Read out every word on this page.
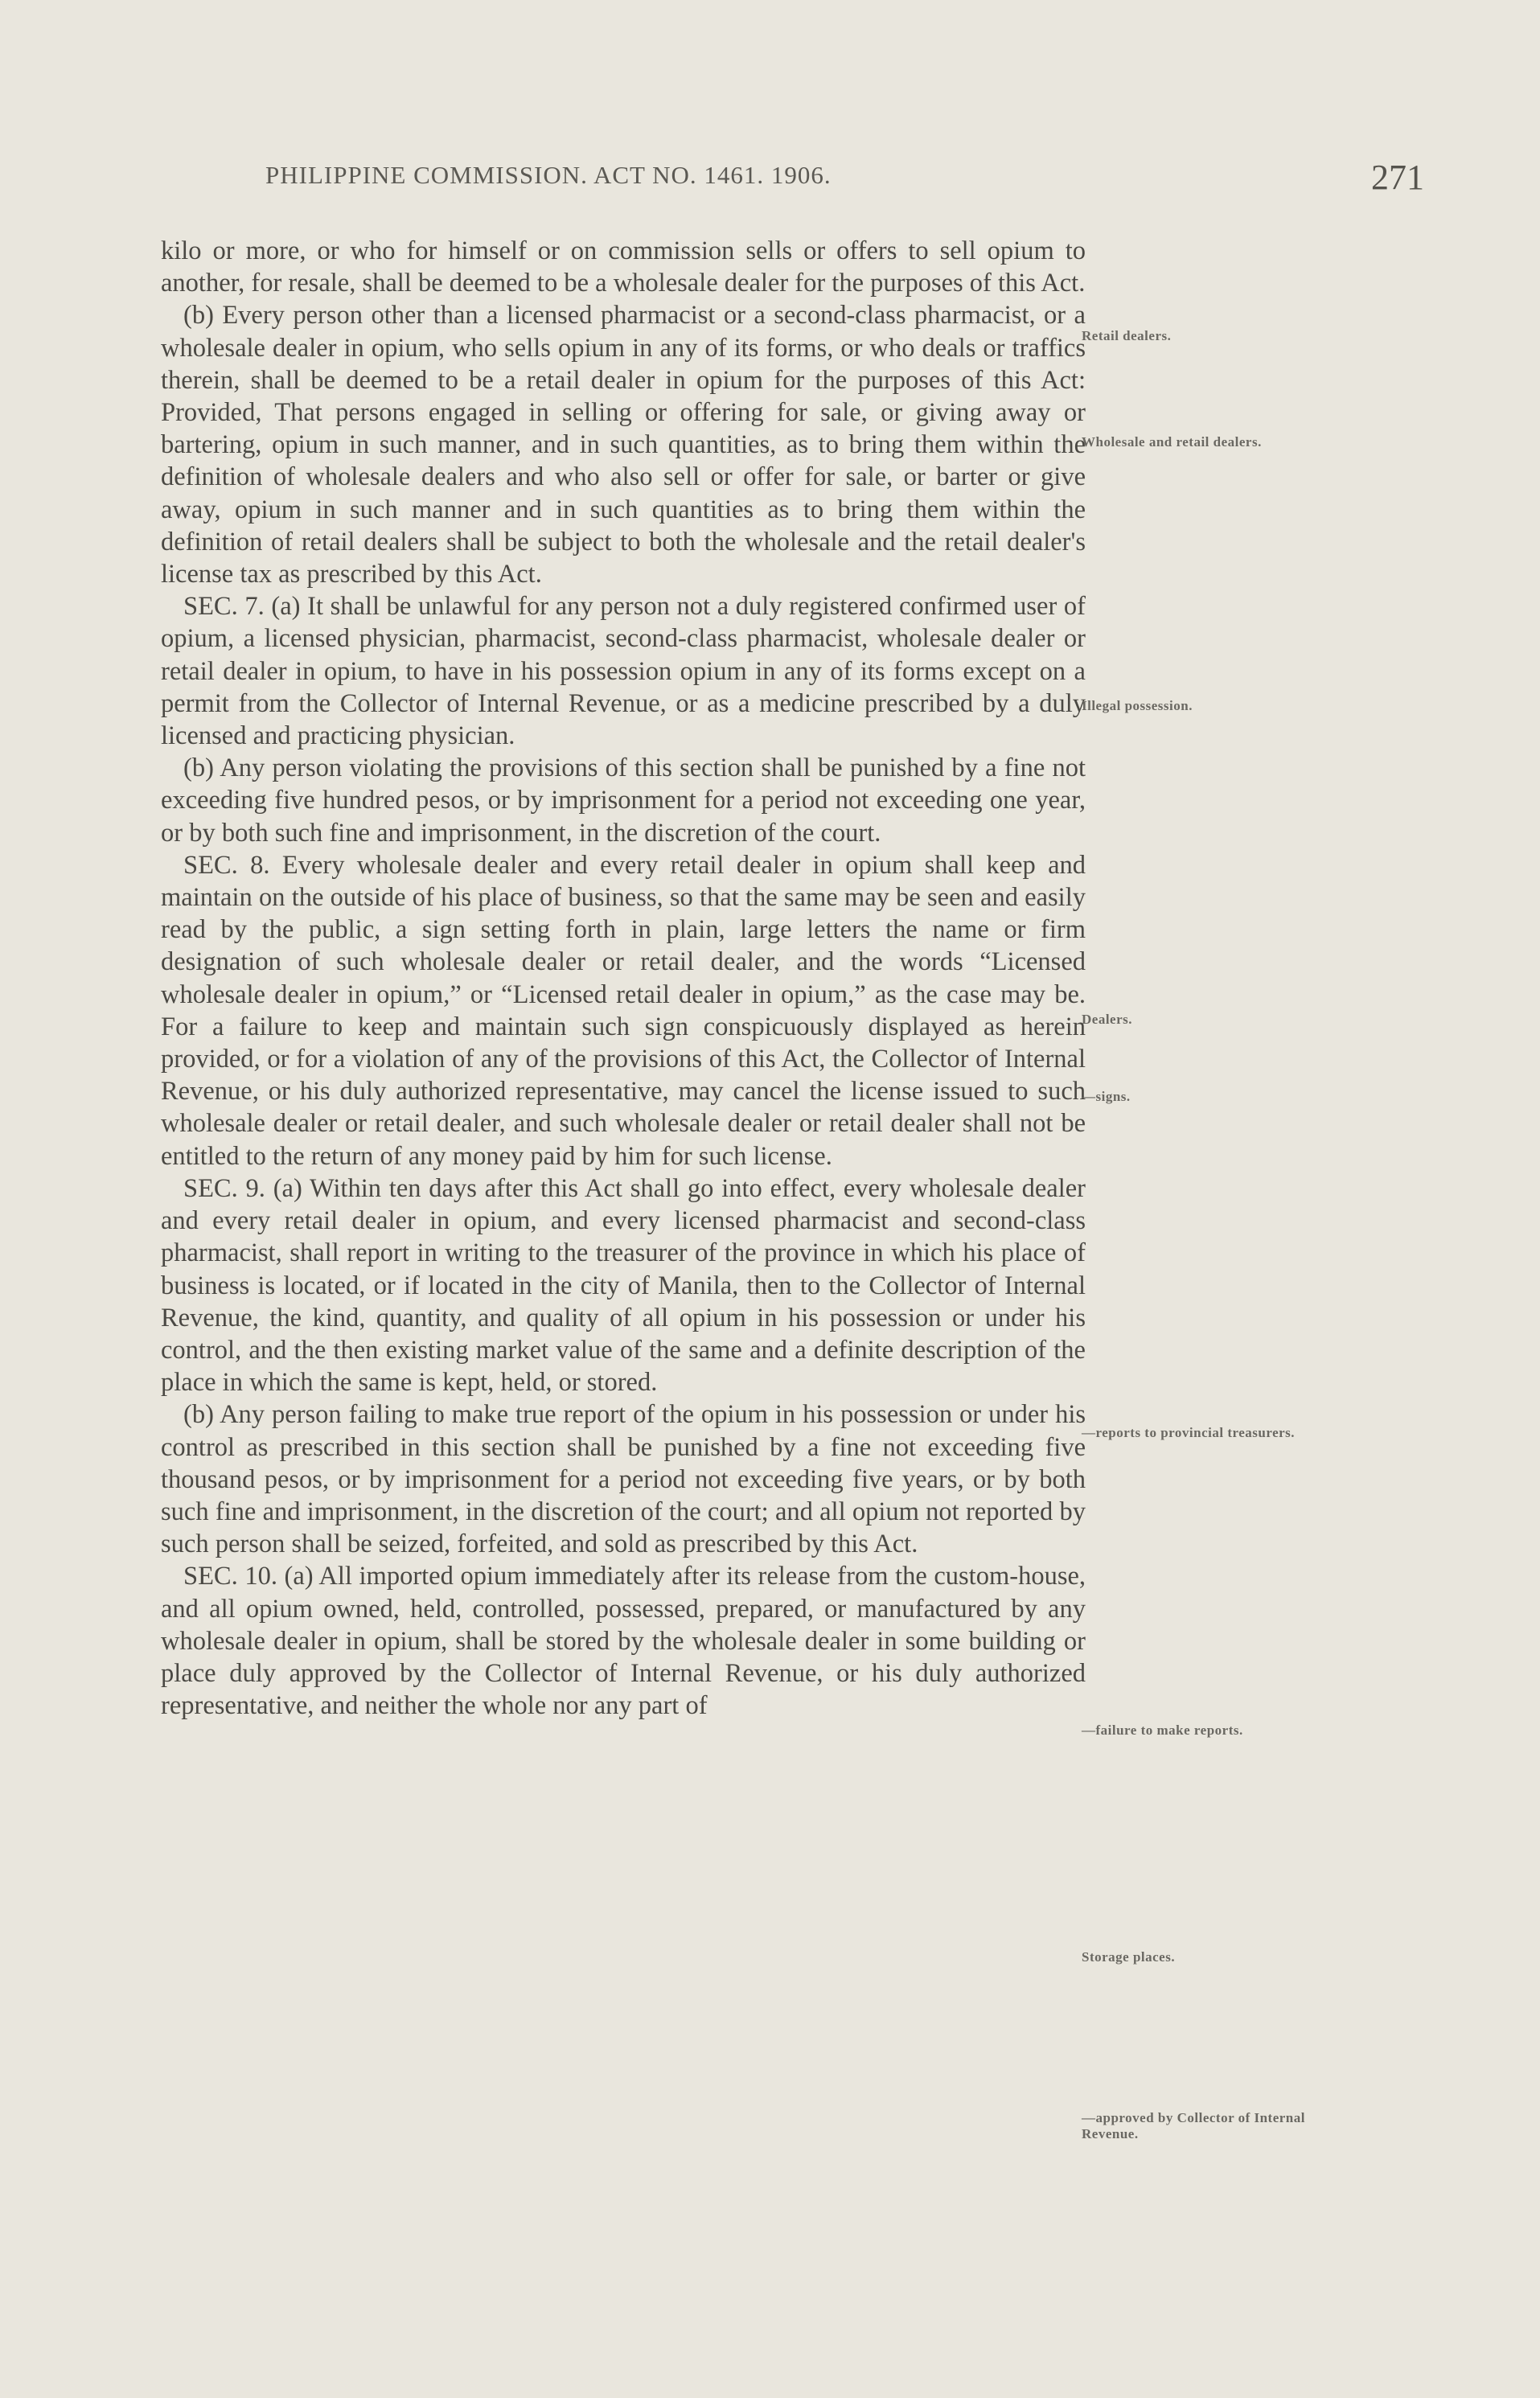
PHILIPPINE COMMISSION. ACT NO. 1461. 1906.	271

kilo or more, or who for himself or on commission sells or offers to sell opium to another, for resale, shall be deemed to be a wholesale dealer for the purposes of this Act.

(b) Every person other than a licensed pharmacist or a second-class pharmacist, or a wholesale dealer in opium, who sells opium in any of its forms, or who deals or traffics therein, shall be deemed to be a retail dealer in opium for the purposes of this Act: Provided, That persons engaged in selling or offering for sale, or giving away or bartering, opium in such manner, and in such quantities, as to bring them within the definition of wholesale dealers and who also sell or offer for sale, or barter or give away, opium in such manner and in such quantities as to bring them within the definition of retail dealers shall be subject to both the wholesale and the retail dealer's license tax as prescribed by this Act.

SEC. 7. (a) It shall be unlawful for any person not a duly registered confirmed user of opium, a licensed physician, pharmacist, second-class pharmacist, wholesale dealer or retail dealer in opium, to have in his possession opium in any of its forms except on a permit from the Collector of Internal Revenue, or as a medicine prescribed by a duly licensed and practicing physician.

(b) Any person violating the provisions of this section shall be punished by a fine not exceeding five hundred pesos, or by imprisonment for a period not exceeding one year, or by both such fine and imprisonment, in the discretion of the court.

SEC. 8. Every wholesale dealer and every retail dealer in opium shall keep and maintain on the outside of his place of business, so that the same may be seen and easily read by the public, a sign setting forth in plain, large letters the name or firm designation of such wholesale dealer or retail dealer, and the words “Licensed wholesale dealer in opium,” or “Licensed retail dealer in opium,” as the case may be. For a failure to keep and maintain such sign conspicuously displayed as herein provided, or for a violation of any of the provisions of this Act, the Collector of Internal Revenue, or his duly authorized representative, may cancel the license issued to such wholesale dealer or retail dealer, and such wholesale dealer or retail dealer shall not be entitled to the return of any money paid by him for such license.

SEC. 9. (a) Within ten days after this Act shall go into effect, every wholesale dealer and every retail dealer in opium, and every licensed pharmacist and second-class pharmacist, shall report in writing to the treasurer of the province in which his place of business is located, or if located in the city of Manila, then to the Collector of Internal Revenue, the kind, quantity, and quality of all opium in his possession or under his control, and the then existing market value of the same and a definite description of the place in which the same is kept, held, or stored.

(b) Any person failing to make true report of the opium in his possession or under his control as prescribed in this section shall be punished by a fine not exceeding five thousand pesos, or by imprisonment for a period not exceeding five years, or by both such fine and imprisonment, in the discretion of the court; and all opium not reported by such person shall be seized, forfeited, and sold as prescribed by this Act.

SEC. 10. (a) All imported opium immediately after its release from the custom-house, and all opium owned, held, controlled, possessed, prepared, or manufactured by any wholesale dealer in opium, shall be stored by the wholesale dealer in some building or place duly approved by the Collector of Internal Revenue, or his duly authorized representative, and neither the whole nor any part of

Retail dealers.
Wholesale and retail dealers.
Illegal possession.
Dealers.
—signs.
—reports to provincial treasurers.
—failure to make reports.
Storage places.
—approved by Collector of Internal Revenue.
